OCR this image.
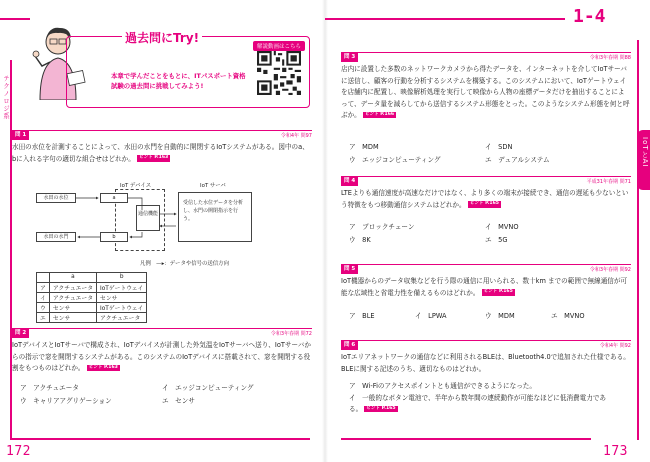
テクノロジ系
過去問にTry!
解説動画はこちら
本章で学んだことをもとに、ITパスポート資格試験の過去問に挑戦してみよう!
問 1	令和4年 問97
水田の水位を計測することによって、水田の水門を自動的に開閉するIoTシステムがある。図中のa、bに入れる字句の適切な組合せはどれか。 ヒント P.163
IoT デバイス	IoT サーバ
水田の水位
水田の水門
a
b
通信機能
受信した水位データを分析し、水門の開閉指示を行う。
凡例　—▸：データや信号の送信方向
	a	b
ア	アクチュエータ	IoTゲートウェイ
イ	アクチュエータ	センサ
ウ	センサ	IoTゲートウェイ
エ	センサ	アクチュエータ
問 2	令和3年春期 問72
IoTデバイスとIoTサーバで構成され、IoTデバイスが計測した外気温をIoTサーバへ送り、IoTサーバからの指示で窓を開閉するシステムがある。このシステムのIoTデバイスに搭載されて、窓を開閉する役割をもつものはどれか。 ヒント P.163
ア　アクチュエータ	イ　エッジコンピューティング
ウ　キャリアアグリゲーション	エ　センサ
172
1-4
IoTとAI
問 3	令和3年春期 問88
店内に設置した多数のネットワークカメラから得たデータを、インターネットを介してIoTサーバに送信し、顧客の行動を分析するシステムを構築する。このシステムにおいて、IoTゲートウェイを店舗内に配置し、映像解析処理を実行して映像から人物の座標データだけを抽出することによって、データ量を減らしてから送信するシステム形態をとった。このようなシステム形態を何と呼ぶか。 ヒント P.166
ア　MDM	イ　SDN
ウ　エッジコンピューティング	エ　デュアルシステム
問 4	平成31年春期 問71
LTEよりも通信速度が高速なだけではなく、より多くの端末が接続でき、通信の遅延も少ないという特徴をもつ移動通信システムはどれか。 ヒント P.165
ア　ブロックチェーン	イ　MVNO
ウ　8K	エ　5G
問 5	令和3年春期 問92
IoT機器からのデータ収集などを行う際の通信に用いられる、数十km までの範囲で無線通信が可能な広域性と省電力性を備えるものはどれか。 ヒント P.165
ア　BLE	イ　LPWA	ウ　MDM	エ　MVNO
問 6	令和4年 問92
IoTエリアネットワークの通信などに利用されるBLEは、Bluetooth4.0で追加された仕様である。BLEに関する記述のうち、適切なものはどれか。
ア　Wi-Fiのアクセスポイントとも通信ができるようになった。
イ　一般的なボタン電池で、半年から数年間の連続動作が可能なほどに低消費電力である。 ヒント P.165
173
